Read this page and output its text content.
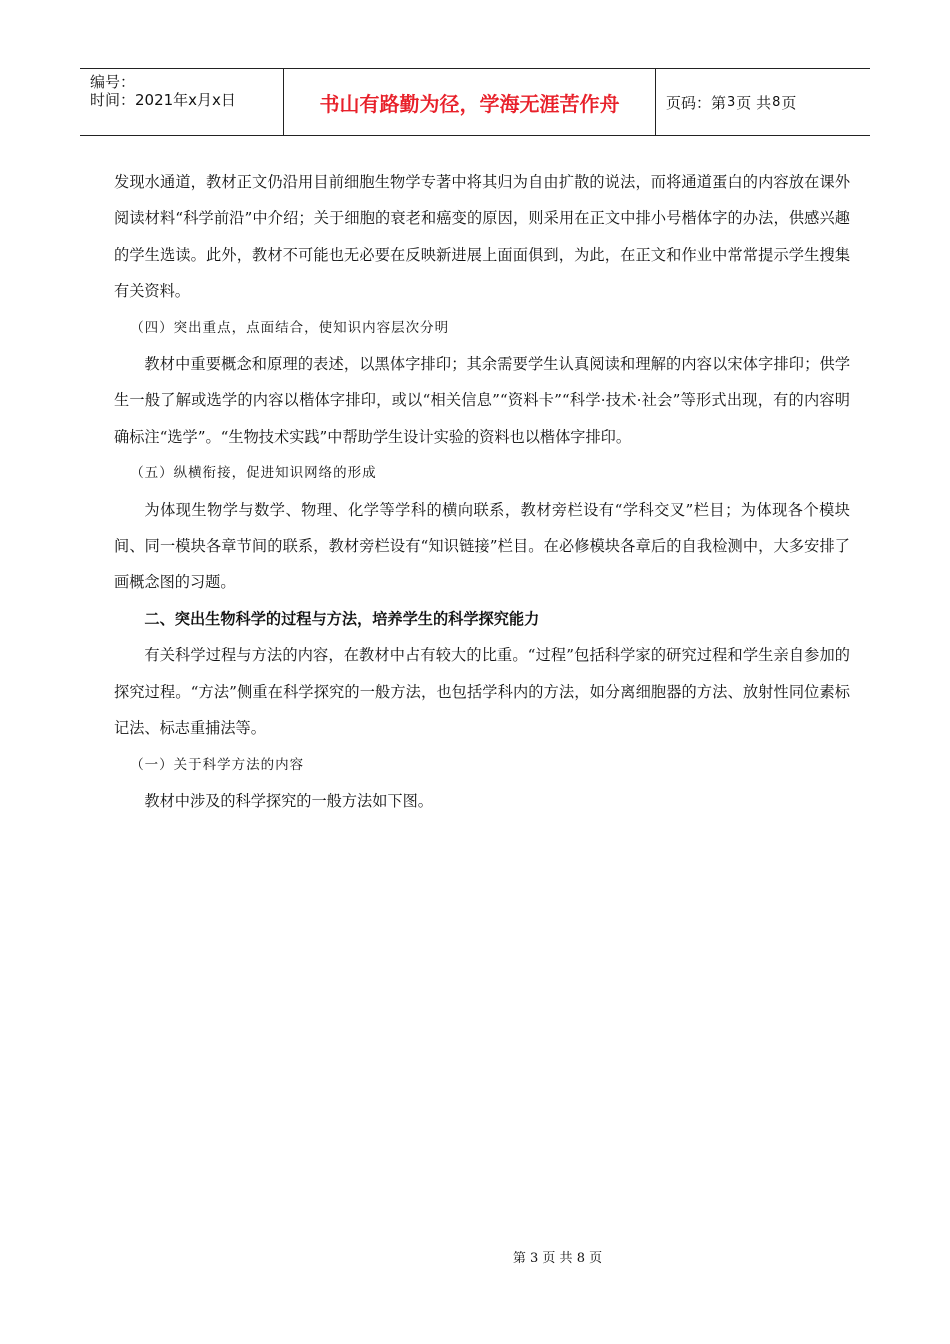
编号：
时间：2021年x月x日	书山有路勤为径，学海无涯苦作舟	页码：第 3 页 共 8 页

发现水通道，教材正文仍沿用目前细胞生物学专著中将其归为自由扩散的说法，而将通道蛋白的内容放在课外阅读材料“科学前沿”中介绍；关于细胞的衰老和癌变的原因，则采用在正文中排小号楷体字的办法，供感兴趣的学生选读。此外，教材不可能也无必要在反映新进展上面面俱到，为此，在正文和作业中常常提示学生搜集有关资料。

（四）突出重点，点面结合，使知识内容层次分明

教材中重要概念和原理的表述，以黑体字排印；其余需要学生认真阅读和理解的内容以宋体字排印；供学生一般了解或选学的内容以楷体字排印，或以“相关信息”“资料卡”“科学·技术·社会”等形式出现，有的内容明确标注“选学”。“生物技术实践”中帮助学生设计实验的资料也以楷体字排印。

（五）纵横衔接，促进知识网络的形成

为体现生物学与数学、物理、化学等学科的横向联系，教材旁栏设有“学科交叉”栏目；为体现各个模块间、同一模块各章节间的联系，教材旁栏设有“知识链接”栏目。在必修模块各章后的自我检测中，大多安排了画概念图的习题。

二、突出生物科学的过程与方法，培养学生的科学探究能力

有关科学过程与方法的内容，在教材中占有较大的比重。“过程”包括科学家的研究过程和学生亲自参加的探究过程。“方法”侧重在科学探究的一般方法，也包括学科内的方法，如分离细胞器的方法、放射性同位素标记法、标志重捕法等。

（一）关于科学方法的内容

教材中涉及的科学探究的一般方法如下图。

第 3 页 共 8 页
